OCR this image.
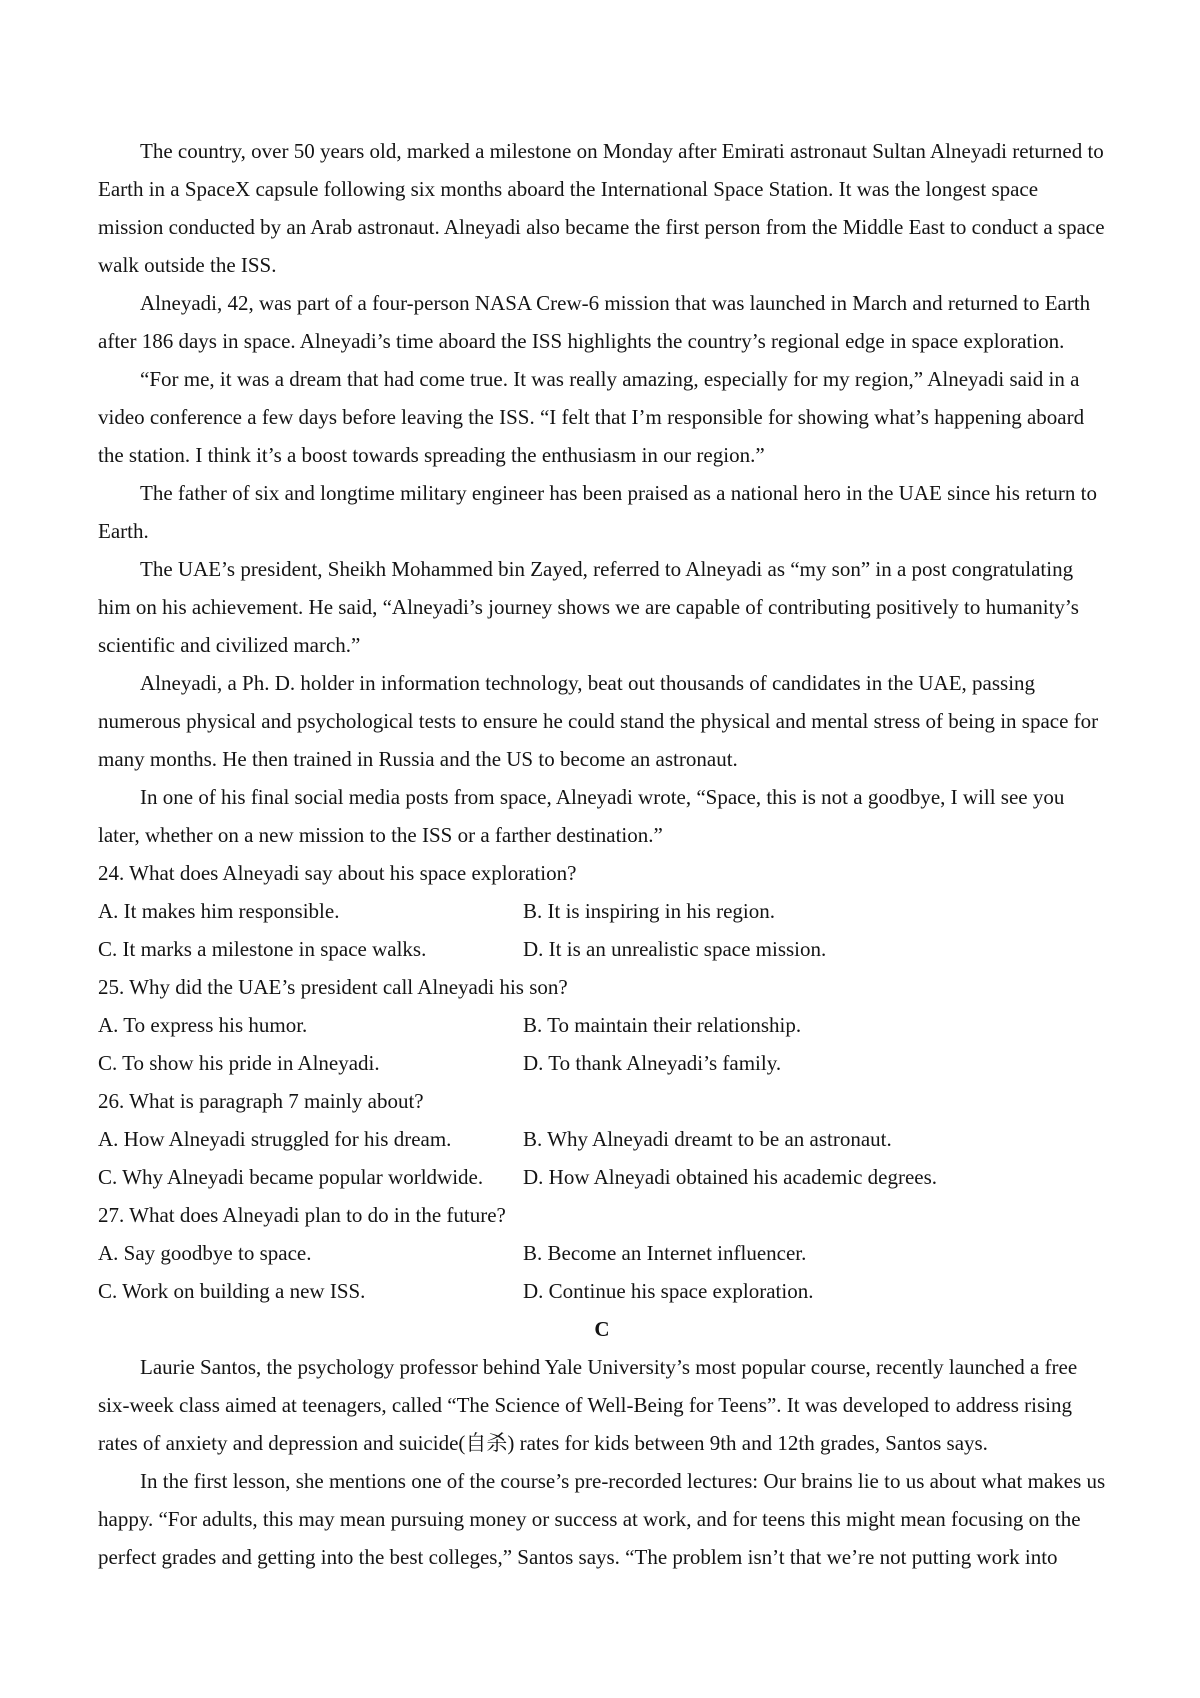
The country, over 50 years old, marked a milestone on Monday after Emirati astronaut Sultan Alneyadi returned to Earth in a SpaceX capsule following six months aboard the International Space Station. It was the longest space mission conducted by an Arab astronaut. Alneyadi also became the first person from the Middle East to conduct a space walk outside the ISS.

Alneyadi, 42, was part of a four-person NASA Crew-6 mission that was launched in March and returned to Earth after 186 days in space. Alneyadi’s time aboard the ISS highlights the country’s regional edge in space exploration.

“For me, it was a dream that had come true. It was really amazing, especially for my region,” Alneyadi said in a video conference a few days before leaving the ISS. “I felt that I’m responsible for showing what’s happening aboard the station. I think it’s a boost towards spreading the enthusiasm in our region.”

The father of six and longtime military engineer has been praised as a national hero in the UAE since his return to Earth.

The UAE’s president, Sheikh Mohammed bin Zayed, referred to Alneyadi as “my son” in a post congratulating him on his achievement. He said, “Alneyadi’s journey shows we are capable of contributing positively to humanity’s scientific and civilized march.”

Alneyadi, a Ph. D. holder in information technology, beat out thousands of candidates in the UAE, passing numerous physical and psychological tests to ensure he could stand the physical and mental stress of being in space for many months. He then trained in Russia and the US to become an astronaut.

In one of his final social media posts from space, Alneyadi wrote, “Space, this is not a goodbye, I will see you later, whether on a new mission to the ISS or a farther destination.”

24. What does Alneyadi say about his space exploration?

A. It makes him responsible.	B. It is inspiring in his region.
C. It marks a milestone in space walks.	D. It is an unrealistic space mission.

25. Why did the UAE’s president call Alneyadi his son?

A. To express his humor.	B. To maintain their relationship.
C. To show his pride in Alneyadi.	D. To thank Alneyadi’s family.

26. What is paragraph 7 mainly about?

A. How Alneyadi struggled for his dream.	B. Why Alneyadi dreamt to be an astronaut.
C. Why Alneyadi became popular worldwide.	D. How Alneyadi obtained his academic degrees.

27. What does Alneyadi plan to do in the future?

A. Say goodbye to space.	B. Become an Internet influencer.
C. Work on building a new ISS.	D. Continue his space exploration.

C

Laurie Santos, the psychology professor behind Yale University’s most popular course, recently launched a free six-week class aimed at teenagers, called “The Science of Well-Being for Teens”. It was developed to address rising rates of anxiety and depression and suicide(自杀) rates for kids between 9th and 12th grades, Santos says.

In the first lesson, she mentions one of the course’s pre-recorded lectures: Our brains lie to us about what makes us happy. “For adults, this may mean pursuing money or success at work, and for teens this might mean focusing on the perfect grades and getting into the best colleges,” Santos says. “The problem isn’t that we’re not putting work into
